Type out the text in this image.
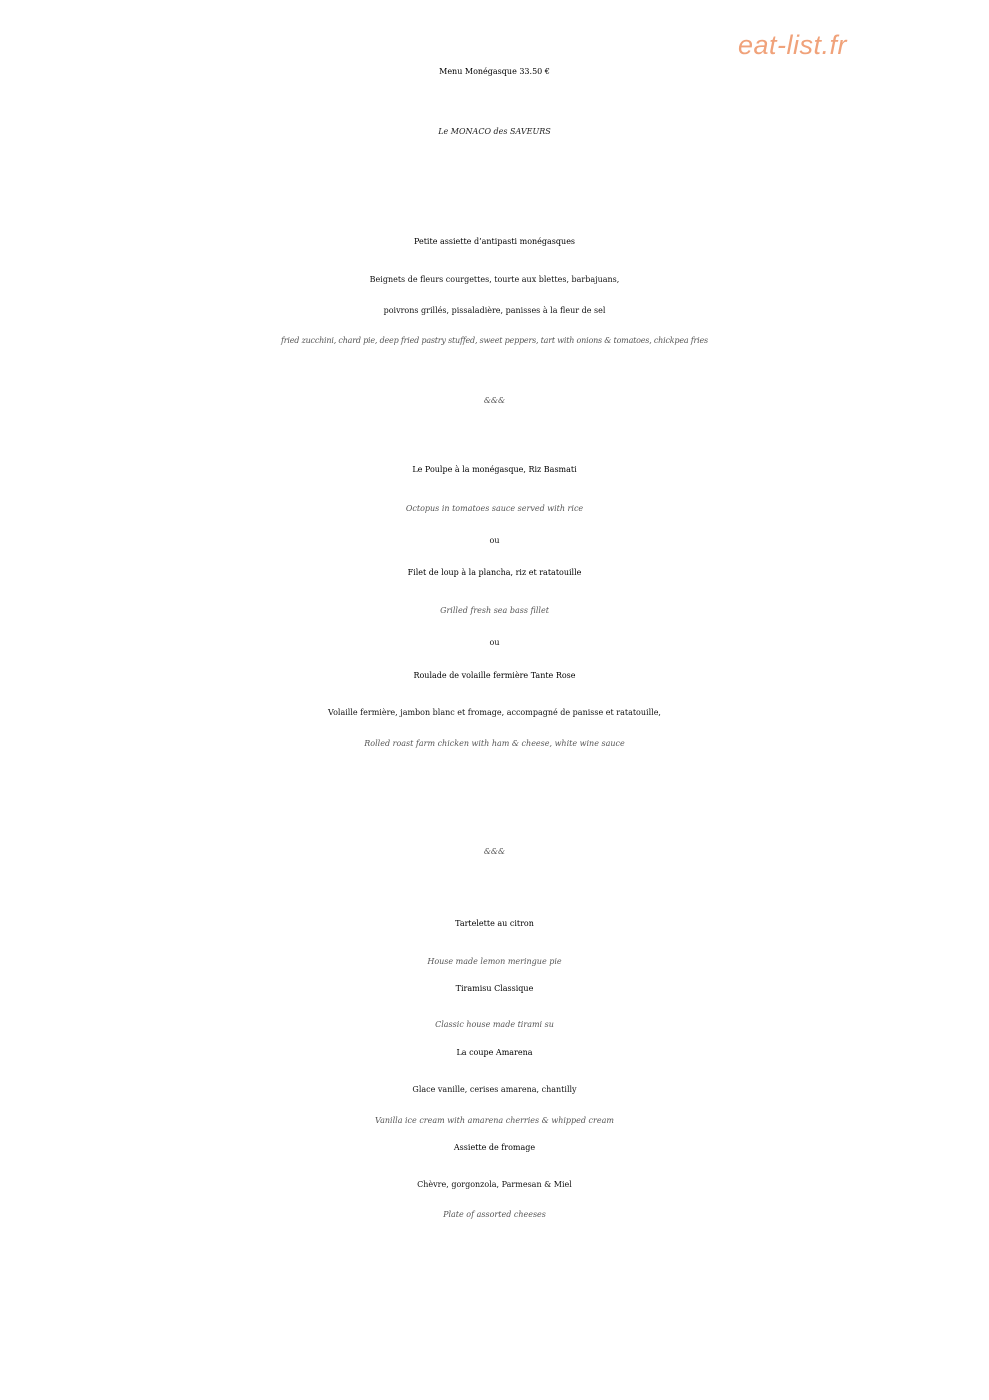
eat-list.fr
Menu Monégasque 33.50 €
Le MONACO des SAVEURS
Petite assiette d’antipasti monégasques
Beignets de fleurs courgettes, tourte aux blettes, barbajuans,
poivrons grillés, pissaladière, panisses à la fleur de sel
fried zucchini, chard pie, deep fried pastry stuffed, sweet peppers, tart with onions & tomatoes, chickpea fries
&&&
Le Poulpe à la monégasque, Riz Basmati
Octopus in tomatoes sauce served with rice
ou
Filet de loup à la plancha, riz et ratatouille
Grilled fresh sea bass fillet
ou
Roulade de volaille fermière Tante Rose
Volaille fermière, jambon blanc et fromage, accompagné de panisse et ratatouille,
Rolled roast farm chicken with ham & cheese, white wine sauce
&&&
Tartelette au citron
House made lemon meringue pie
Tiramisu Classique
Classic house made tirami su
La coupe Amarena
Glace vanille, cerises amarena, chantilly
Vanilla ice cream with amarena cherries & whipped cream
Assiette de fromage
Chèvre, gorgonzola, Parmesan & Miel
Plate of assorted cheeses
